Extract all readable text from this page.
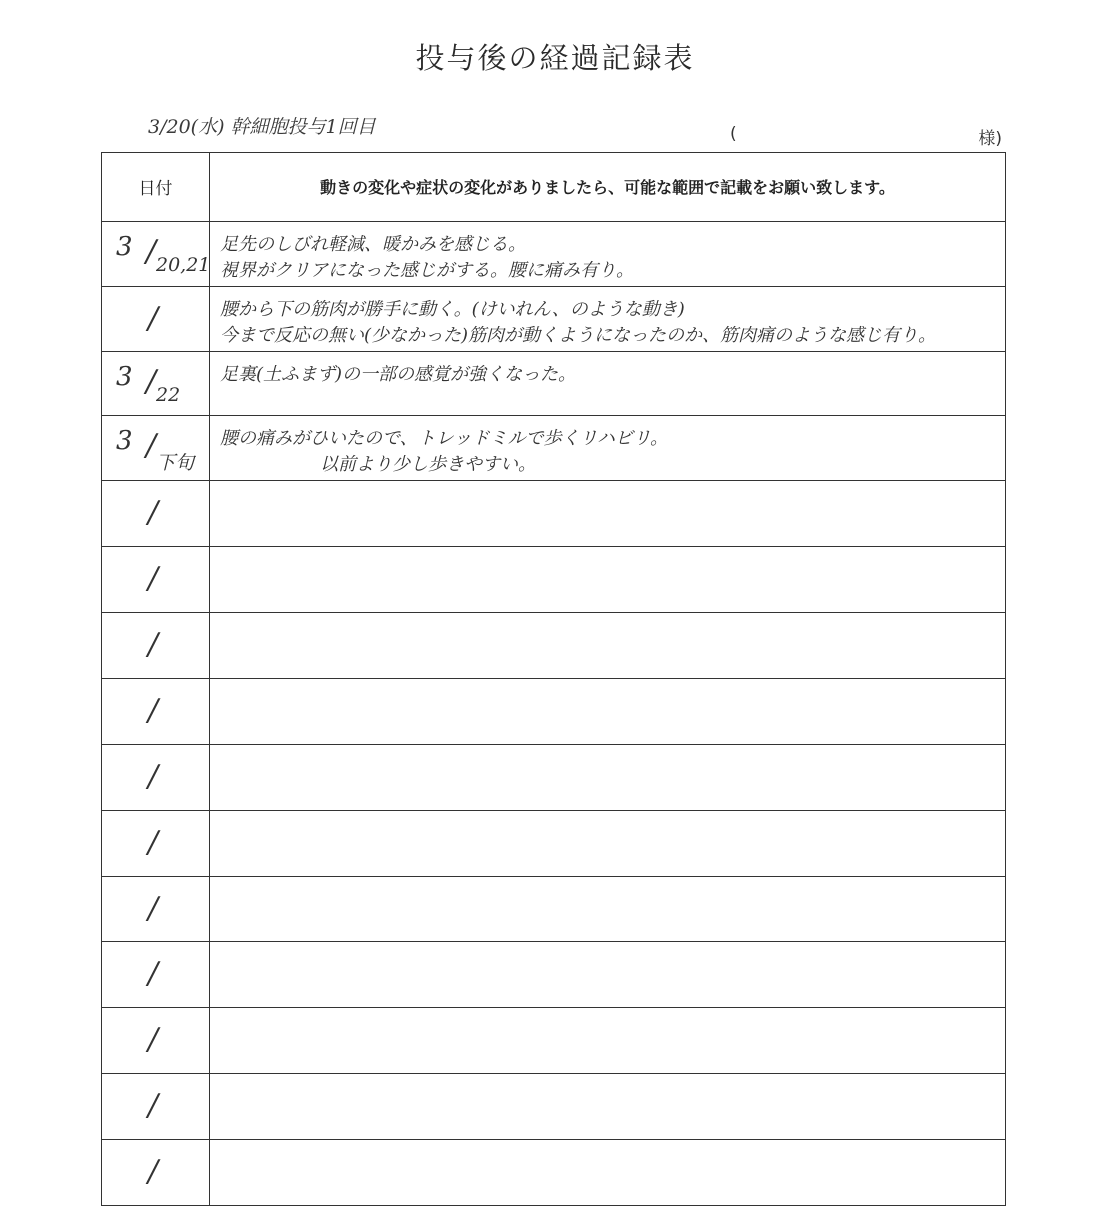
投与後の経過記録表
3/20(水) 幹細胞投与1回目	(	様)
日付	動きの変化や症状の変化がありましたら、可能な範囲で記載をお願い致します。

3 / 20,21	足先のしびれ軽減、暖かみを感じる。
視界がクリアになった感じがする。腰に痛み有り。

/	腰から下の筋肉が勝手に動く。(けいれん、のような動き)
今まで反応の無い(少なかった)筋肉が動くようになったのか、筋肉痛のような感じ有り。

3 / 22	足裏(土ふまず)の一部の感覚が強くなった。

3 / 下旬	腰の痛みがひいたので、トレッドミルで歩くリハビリ。
以前より少し歩きやすい。

/	

/	

/	

/	

/	

/	

/	

/	

/	

/	

/	
